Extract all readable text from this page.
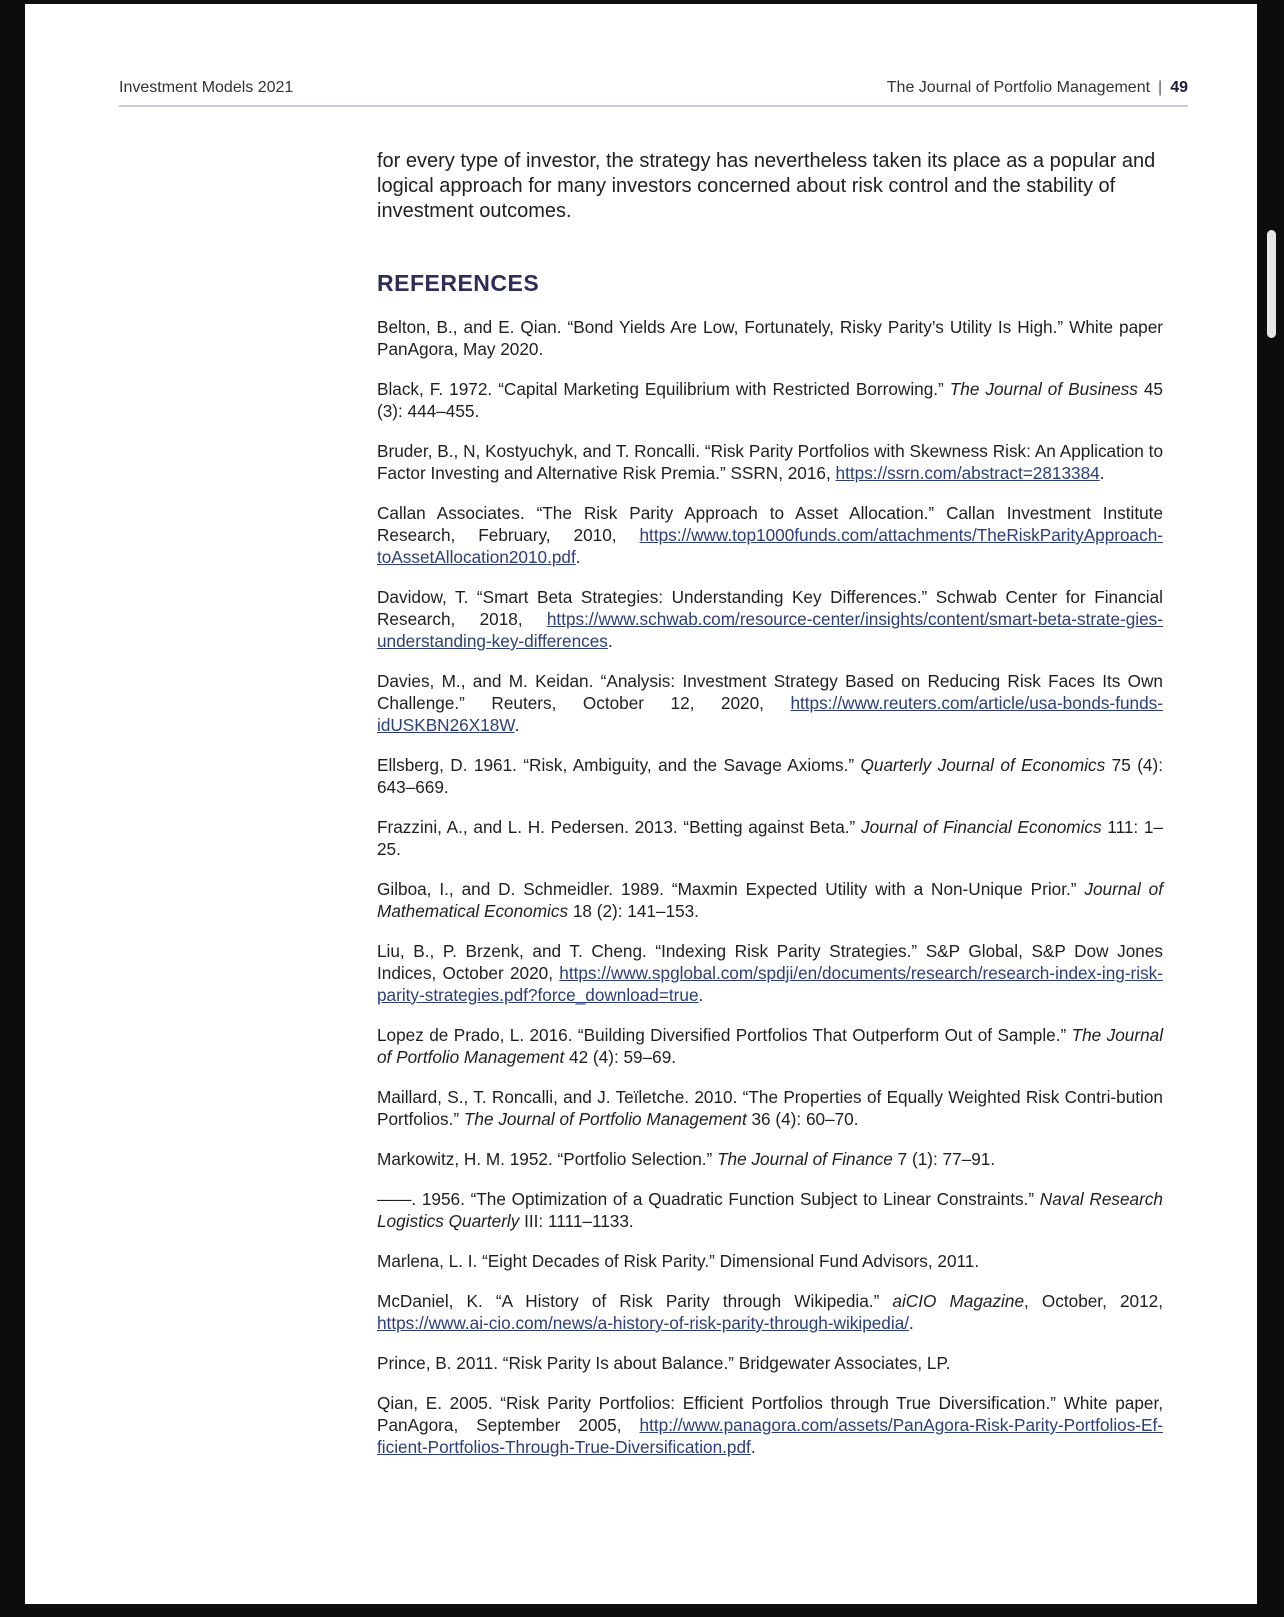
Investment Models 2021	The Journal of Portfolio Management | 49

for every type of investor, the strategy has nevertheless taken its place as a popular and logical approach for many investors concerned about risk control and the stability of investment outcomes.

REFERENCES
Belton, B., and E. Qian. “Bond Yields Are Low, Fortunately, Risky Parity’s Utility Is High.” White paper PanAgora, May 2020.
Black, F. 1972. “Capital Marketing Equilibrium with Restricted Borrowing.” The Journal of Business 45 (3): 444–455.
Bruder, B., N, Kostyuchyk, and T. Roncalli. “Risk Parity Portfolios with Skewness Risk: An Application to Factor Investing and Alternative Risk Premia.” SSRN, 2016, https://ssrn.com/abstract=2813384.
Callan Associates. “The Risk Parity Approach to Asset Allocation.” Callan Investment Institute Research, February, 2010, https://www.top1000funds.com/attachments/TheRiskParityApproach-toAssetAllocation2010.pdf.
Davidow, T. “Smart Beta Strategies: Understanding Key Differences.” Schwab Center for Financial Research, 2018, https://www.schwab.com/resource-center/insights/content/smart-beta-strate-gies-understanding-key-differences.
Davies, M., and M. Keidan. “Analysis: Investment Strategy Based on Reducing Risk Faces Its Own Challenge.” Reuters, October 12, 2020, https://www.reuters.com/article/usa-bonds-funds-idUSKBN26X18W.
Ellsberg, D. 1961. “Risk, Ambiguity, and the Savage Axioms.” Quarterly Journal of Economics 75 (4): 643–669.
Frazzini, A., and L. H. Pedersen. 2013. “Betting against Beta.” Journal of Financial Economics 111: 1–25.
Gilboa, I., and D. Schmeidler. 1989. “Maxmin Expected Utility with a Non-Unique Prior.” Journal of Mathematical Economics 18 (2): 141–153.
Liu, B., P. Brzenk, and T. Cheng. “Indexing Risk Parity Strategies.” S&P Global, S&P Dow Jones Indices, October 2020, https://www.spglobal.com/spdji/en/documents/research/research-index-ing-risk-parity-strategies.pdf?force_download=true.
Lopez de Prado, L. 2016. “Building Diversified Portfolios That Outperform Out of Sample.” The Journal of Portfolio Management 42 (4): 59–69.
Maillard, S., T. Roncalli, and J. Teïletche. 2010. “The Properties of Equally Weighted Risk Contri-bution Portfolios.” The Journal of Portfolio Management 36 (4): 60–70.
Markowitz, H. M. 1952. “Portfolio Selection.” The Journal of Finance 7 (1): 77–91.
——. 1956. “The Optimization of a Quadratic Function Subject to Linear Constraints.” Naval Research Logistics Quarterly III: 1111–1133.
Marlena, L. I. “Eight Decades of Risk Parity.” Dimensional Fund Advisors, 2011.
McDaniel, K. “A History of Risk Parity through Wikipedia.” aiCIO Magazine, October, 2012, https://www.ai-cio.com/news/a-history-of-risk-parity-through-wikipedia/.
Prince, B. 2011. “Risk Parity Is about Balance.” Bridgewater Associates, LP.
Qian, E. 2005. “Risk Parity Portfolios: Efficient Portfolios through True Diversification.” White paper, PanAgora, September 2005, http://www.panagora.com/assets/PanAgora-Risk-Parity-Portfolios-Ef-ficient-Portfolios-Through-True-Diversification.pdf.
